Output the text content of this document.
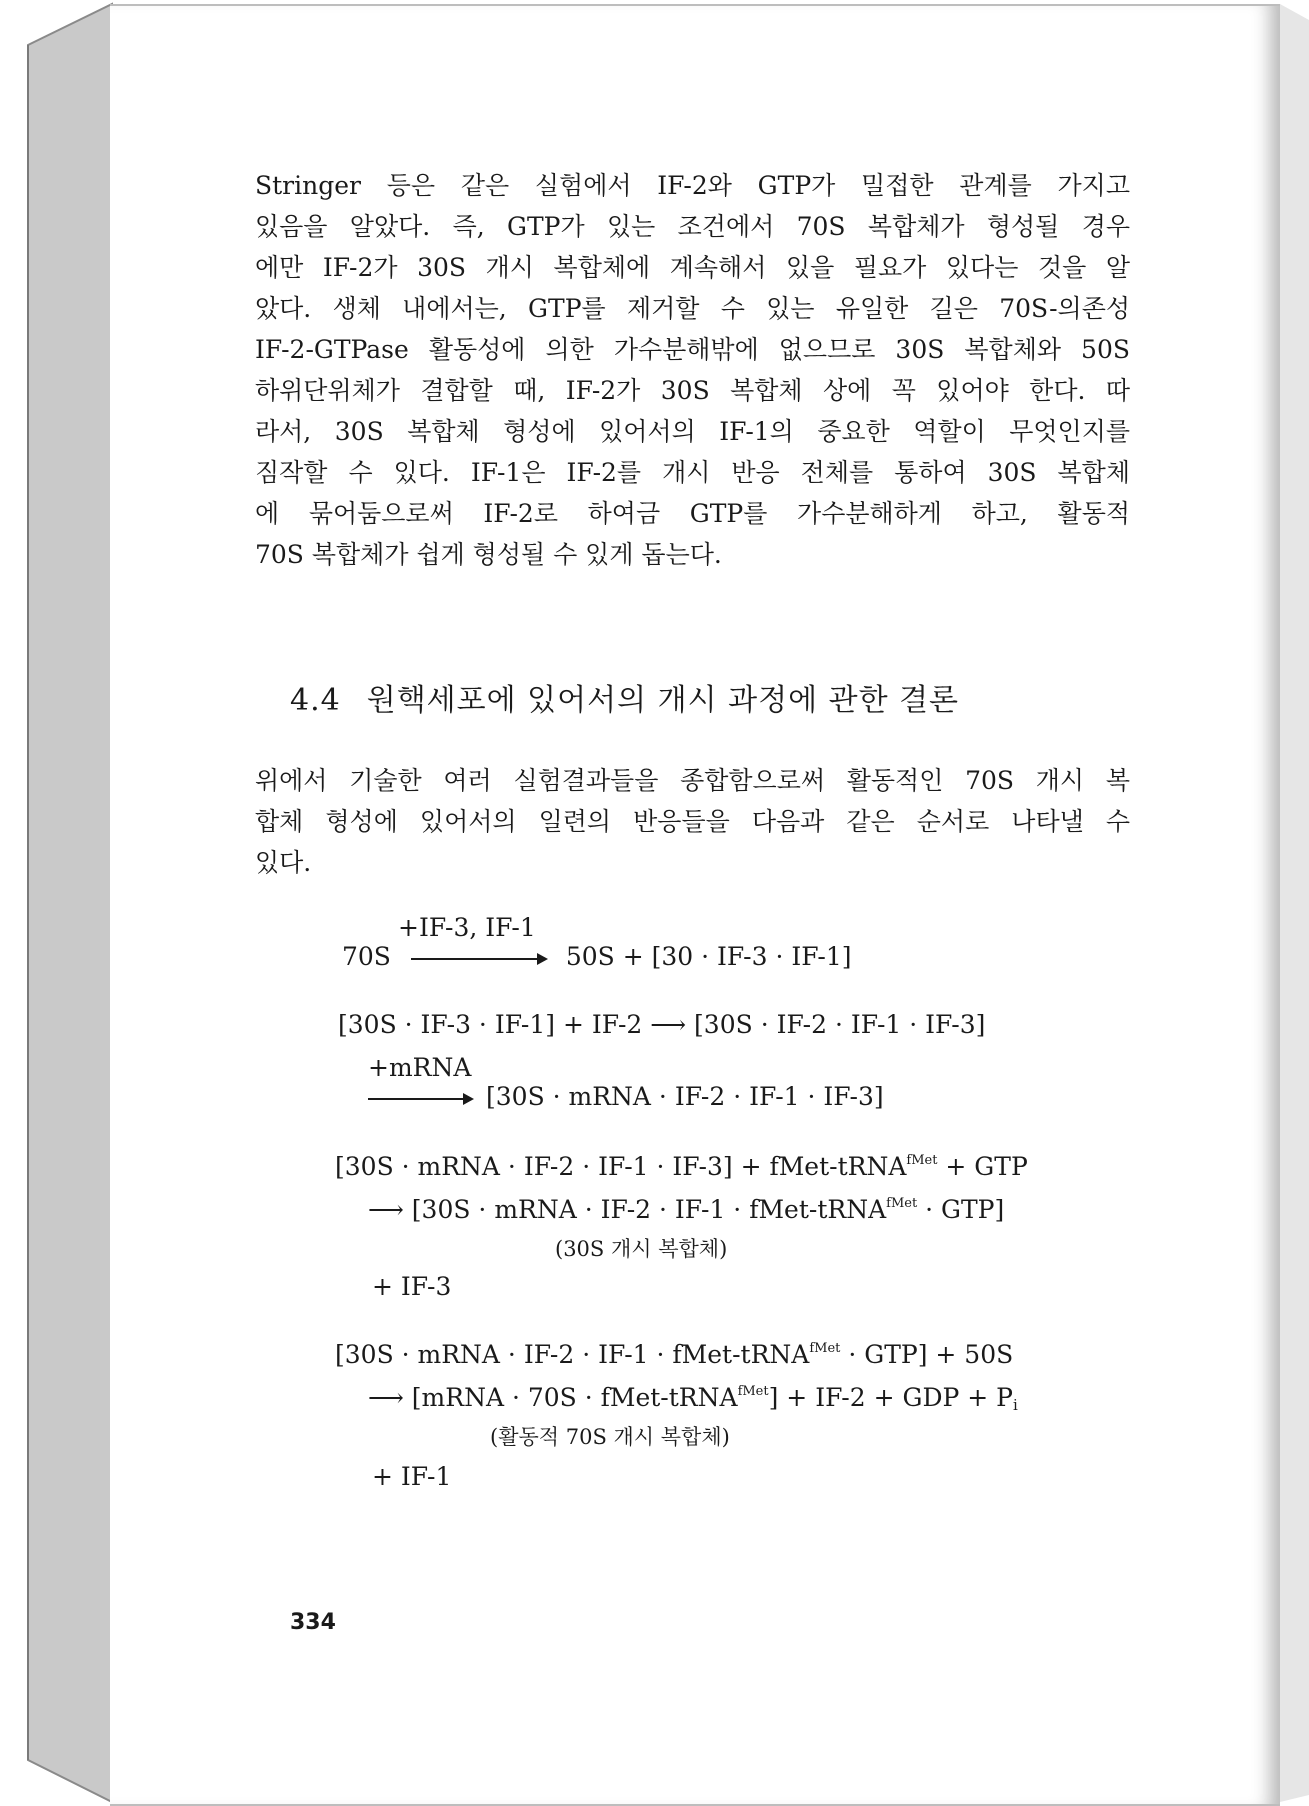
Stringer 등은 같은 실험에서 IF-2와 GTP가 밀접한 관계를 가지고
있음을 알았다. 즉, GTP가 있는 조건에서 70S 복합체가 형성될 경우
에만 IF-2가 30S 개시 복합체에 계속해서 있을 필요가 있다는 것을 알
았다. 생체 내에서는, GTP를 제거할 수 있는 유일한 길은 70S-의존성
IF-2-GTPase 활동성에 의한 가수분해밖에 없으므로 30S 복합체와 50S
하위단위체가 결합할 때, IF-2가 30S 복합체 상에 꼭 있어야 한다. 따
라서, 30S 복합체 형성에 있어서의 IF-1의 중요한 역할이 무엇인지를
짐작할 수 있다. IF-1은 IF-2를 개시 반응 전체를 통하여 30S 복합체
에 묶어둠으로써 IF-2로 하여금 GTP를 가수분해하게 하고, 활동적
70S 복합체가 쉽게 형성될 수 있게 돕는다.
4.4 원핵세포에 있어서의 개시 과정에 관한 결론
위에서 기술한 여러 실험결과들을 종합함으로써 활동적인 70S 개시 복
합체 형성에 있어서의 일련의 반응들을 다음과 같은 순서로 나타낼 수
있다.
+IF-3, IF-1
70S	50S + [30 · IF-3 · IF-1]
[30S · IF-3 · IF-1] + IF-2 ⟶ [30S · IF-2 · IF-1 · IF-3]
+mRNA
[30S · mRNA · IF-2 · IF-1 · IF-3]
[30S · mRNA · IF-2 · IF-1 · IF-3] + fMet-tRNA$^{fMet}$ + GTP
⟶ [30S · mRNA · IF-2 · IF-1 · fMet-tRNA$^{fMet}$ · GTP]
(30S 개시 복합체)
+ IF-3
[30S · mRNA · IF-2 · IF-1 · fMet-tRNA$^{fMet}$ · GTP] + 50S
⟶ [mRNA · 70S · fMet-tRNA$^{fMet}$] + IF-2 + GDP + Pi
(활동적 70S 개시 복합체)
+ IF-1
334
